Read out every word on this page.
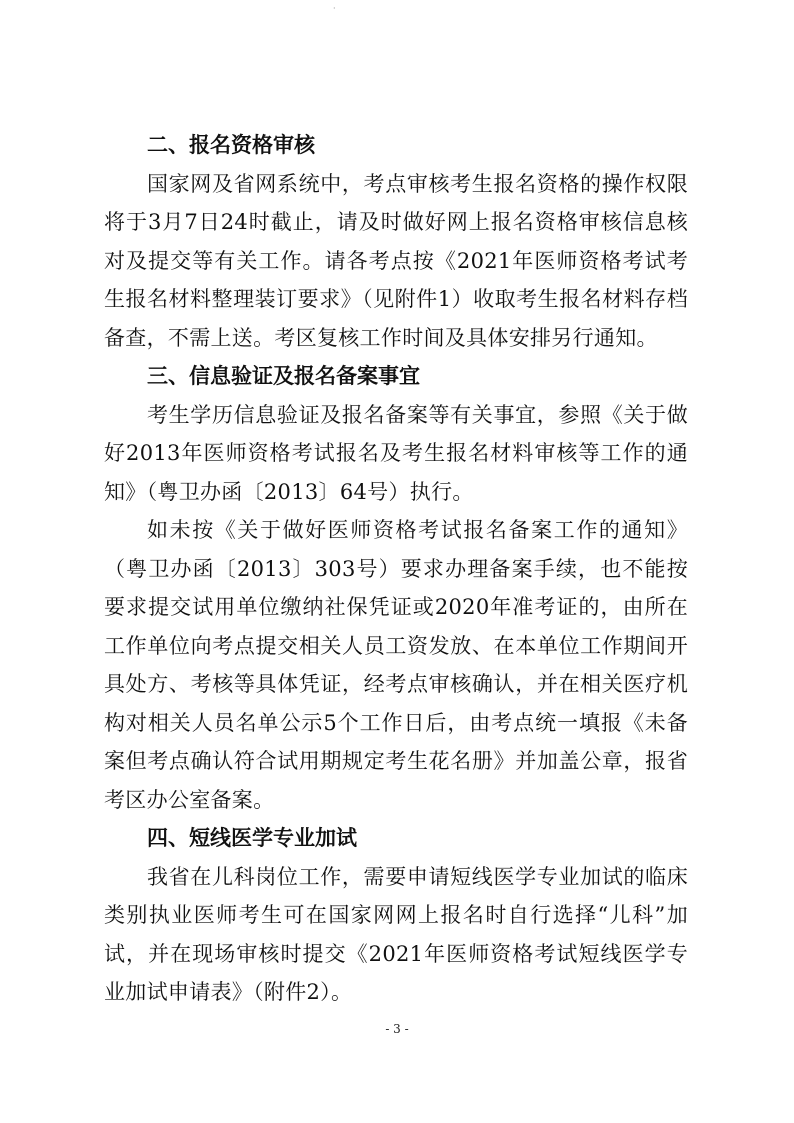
·
二、报名资格审核

国家网及省网系统中，考点审核考生报名资格的操作权限将于3月7日24时截止，请及时做好网上报名资格审核信息核对及提交等有关工作。请各考点按《2021年医师资格考试考生报名材料整理装订要求》（见附件1）收取考生报名材料存档备查，不需上送。考区复核工作时间及具体安排另行通知。

三、信息验证及报名备案事宜

考生学历信息验证及报名备案等有关事宜，参照《关于做好2013年医师资格考试报名及考生报名材料审核等工作的通知》（粤卫办函〔2013〕64号）执行。

如未按《关于做好医师资格考试报名备案工作的通知》（粤卫办函〔2013〕303号）要求办理备案手续，也不能按要求提交试用单位缴纳社保凭证或2020年准考证的，由所在工作单位向考点提交相关人员工资发放、在本单位工作期间开具处方、考核等具体凭证，经考点审核确认，并在相关医疗机构对相关人员名单公示5个工作日后，由考点统一填报《未备案但考点确认符合试用期规定考生花名册》并加盖公章，报省考区办公室备案。

四、短线医学专业加试

我省在儿科岗位工作，需要申请短线医学专业加试的临床类别执业医师考生可在国家网网上报名时自行选择“儿科”加试，并在现场审核时提交《2021年医师资格考试短线医学专业加试申请表》（附件2）。

- 3 -
